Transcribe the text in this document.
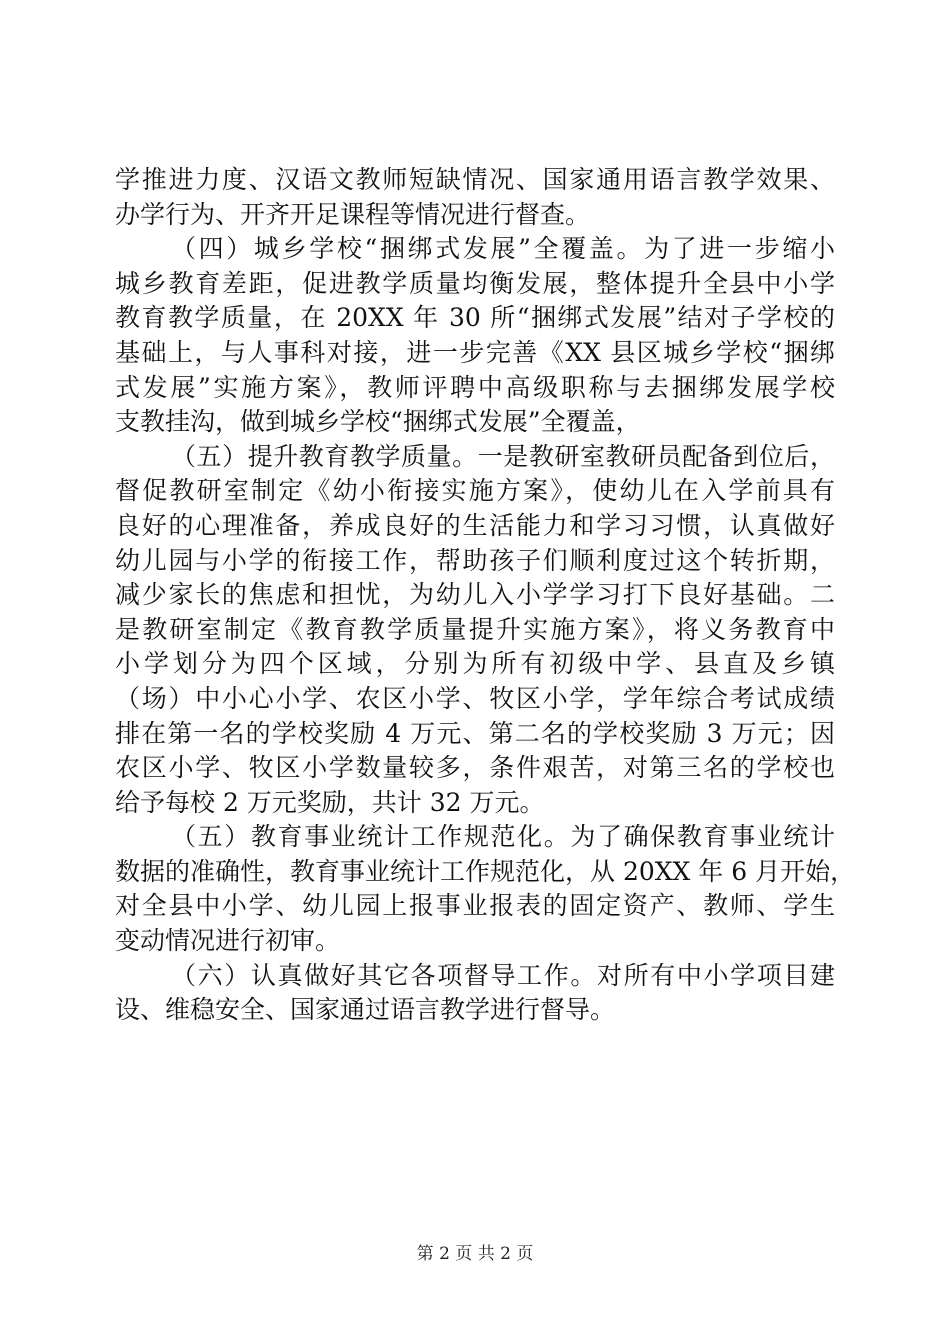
学推进力度、汉语文教师短缺情况、国家通用语言教学效果、
办学行为、开齐开足课程等情况进行督查。
（四）城乡学校“捆绑式发展”全覆盖。为了进一步缩小
城乡教育差距，促进教学质量均衡发展，整体提升全县中小学
教育教学质量，在 20XX 年 30 所“捆绑式发展”结对子学校的
基础上，与人事科对接，进一步完善《XX 县区城乡学校“捆绑
式发展”实施方案》，教师评聘中高级职称与去捆绑发展学校
支教挂沟，做到城乡学校“捆绑式发展”全覆盖，
（五）提升教育教学质量。一是教研室教研员配备到位后，
督促教研室制定《幼小衔接实施方案》，使幼儿在入学前具有
良好的心理准备，养成良好的生活能力和学习习惯，认真做好
幼儿园与小学的衔接工作，帮助孩子们顺利度过这个转折期，
减少家长的焦虑和担忧，为幼儿入小学学习打下良好基础。二
是教研室制定《教育教学质量提升实施方案》，将义务教育中
小学划分为四个区域，分别为所有初级中学、县直及乡镇
（场）中小心小学、农区小学、牧区小学，学年综合考试成绩
排在第一名的学校奖励 4 万元、第二名的学校奖励 3 万元；因
农区小学、牧区小学数量较多，条件艰苦，对第三名的学校也
给予每校 2 万元奖励，共计 32 万元。
（五）教育事业统计工作规范化。为了确保教育事业统计
数据的准确性，教育事业统计工作规范化，从 20XX 年 6 月开始，
对全县中小学、幼儿园上报事业报表的固定资产、教师、学生
变动情况进行初审。
（六）认真做好其它各项督导工作。对所有中小学项目建
设、维稳安全、国家通过语言教学进行督导。
第 2 页 共 2 页
